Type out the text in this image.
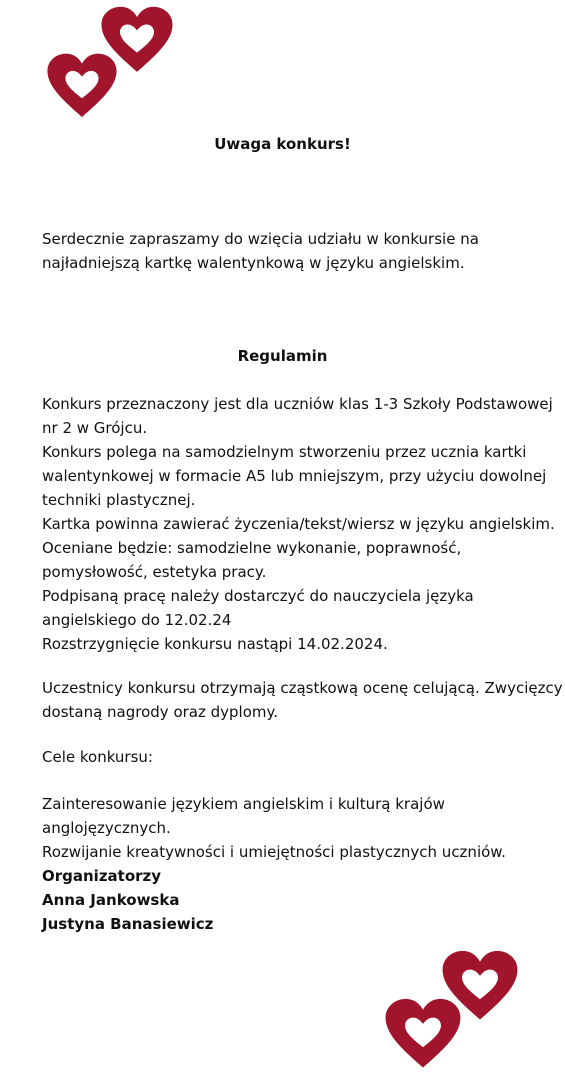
Uwaga konkurs!
Serdecznie zapraszamy do wzięcia udziału w konkursie na
najładniejszą kartkę walentynkową w języku angielskim.
Regulamin
Konkurs przeznaczony jest dla uczniów klas 1-3 Szkoły Podstawowej
nr 2 w Grójcu.
Konkurs polega na samodzielnym stworzeniu przez ucznia kartki
walentynkowej w formacie A5 lub mniejszym, przy użyciu dowolnej
techniki plastycznej.
Kartka powinna zawierać życzenia/tekst/wiersz w języku angielskim.
Oceniane będzie: samodzielne wykonanie, poprawność,
pomysłowość, estetyka pracy.
Podpisaną pracę należy dostarczyć do nauczyciela języka
angielskiego do 12.02.24
Rozstrzygnięcie konkursu nastąpi 14.02.2024.
Uczestnicy konkursu otrzymają cząstkową ocenę celującą. Zwycięzcy
dostaną nagrody oraz dyplomy.
Cele konkursu:
Zainteresowanie językiem angielskim i kulturą krajów
anglojęzycznych.
Rozwijanie kreatywności i umiejętności plastycznych uczniów.
Organizatorzy
Anna Jankowska
Justyna Banasiewicz
